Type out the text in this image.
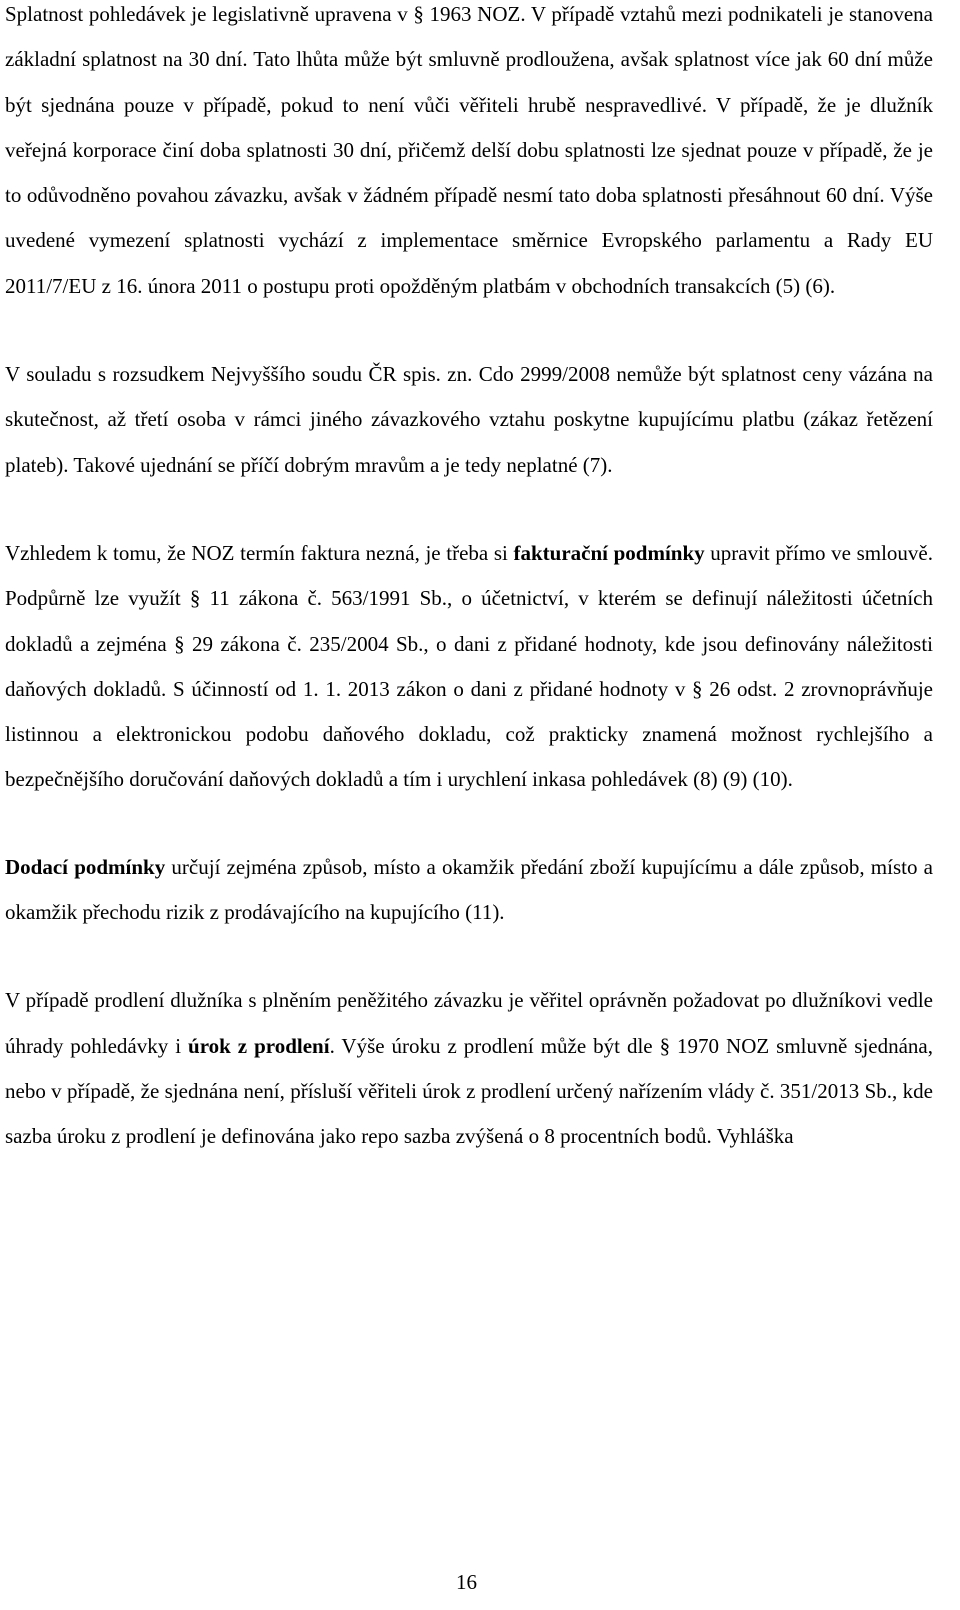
Splatnost pohledávek je legislativně upravena v § 1963 NOZ. V případě vztahů mezi podnikateli je stanovena základní splatnost na 30 dní. Tato lhůta může být smluvně prodloužena, avšak splatnost více jak 60 dní může být sjednána pouze v případě, pokud to není vůči věřiteli hrubě nespravedlivé. V případě, že je dlužník veřejná korporace činí doba splatnosti 30 dní, přičemž delší dobu splatnosti lze sjednat pouze v případě, že je to odůvodněno povahou závazku, avšak v žádném případě nesmí tato doba splatnosti přesáhnout 60 dní. Výše uvedené vymezení splatnosti vychází z implementace směrnice Evropského parlamentu a Rady EU 2011/7/EU z 16. února 2011 o postupu proti opožděným platbám v obchodních transakcích (5) (6).

V souladu s rozsudkem Nejvyššího soudu ČR spis. zn. Cdo 2999/2008 nemůže být splatnost ceny vázána na skutečnost, až třetí osoba v rámci jiného závazkového vztahu poskytne kupujícímu platbu (zákaz řetězení plateb). Takové ujednání se příčí dobrým mravům a je tedy neplatné (7).

Vzhledem k tomu, že NOZ termín faktura nezná, je třeba si fakturační podmínky upravit přímo ve smlouvě. Podpůrně lze využít § 11 zákona č. 563/1991 Sb., o účetnictví, v kterém se definují náležitosti účetních dokladů a zejména § 29 zákona č. 235/2004 Sb., o dani z přidané hodnoty, kde jsou definovány náležitosti daňových dokladů. S účinností od 1. 1. 2013 zákon o dani z přidané hodnoty v § 26 odst. 2 zrovnoprávňuje listinnou a elektronickou podobu daňového dokladu, což prakticky znamená možnost rychlejšího a bezpečnějšího doručování daňových dokladů a tím i urychlení inkasa pohledávek (8) (9) (10).

Dodací podmínky určují zejména způsob, místo a okamžik předání zboží kupujícímu a dále způsob, místo a okamžik přechodu rizik z prodávajícího na kupujícího (11).

V případě prodlení dlužníka s plněním peněžitého závazku je věřitel oprávněn požadovat po dlužníkovi vedle úhrady pohledávky i úrok z prodlení. Výše úroku z prodlení může být dle § 1970 NOZ smluvně sjednána, nebo v případě, že sjednána není, přísluší věřiteli úrok z prodlení určený nařízením vlády č. 351/2013 Sb., kde sazba úroku z prodlení je definována jako repo sazba zvýšená o 8 procentních bodů. Vyhláška

16
